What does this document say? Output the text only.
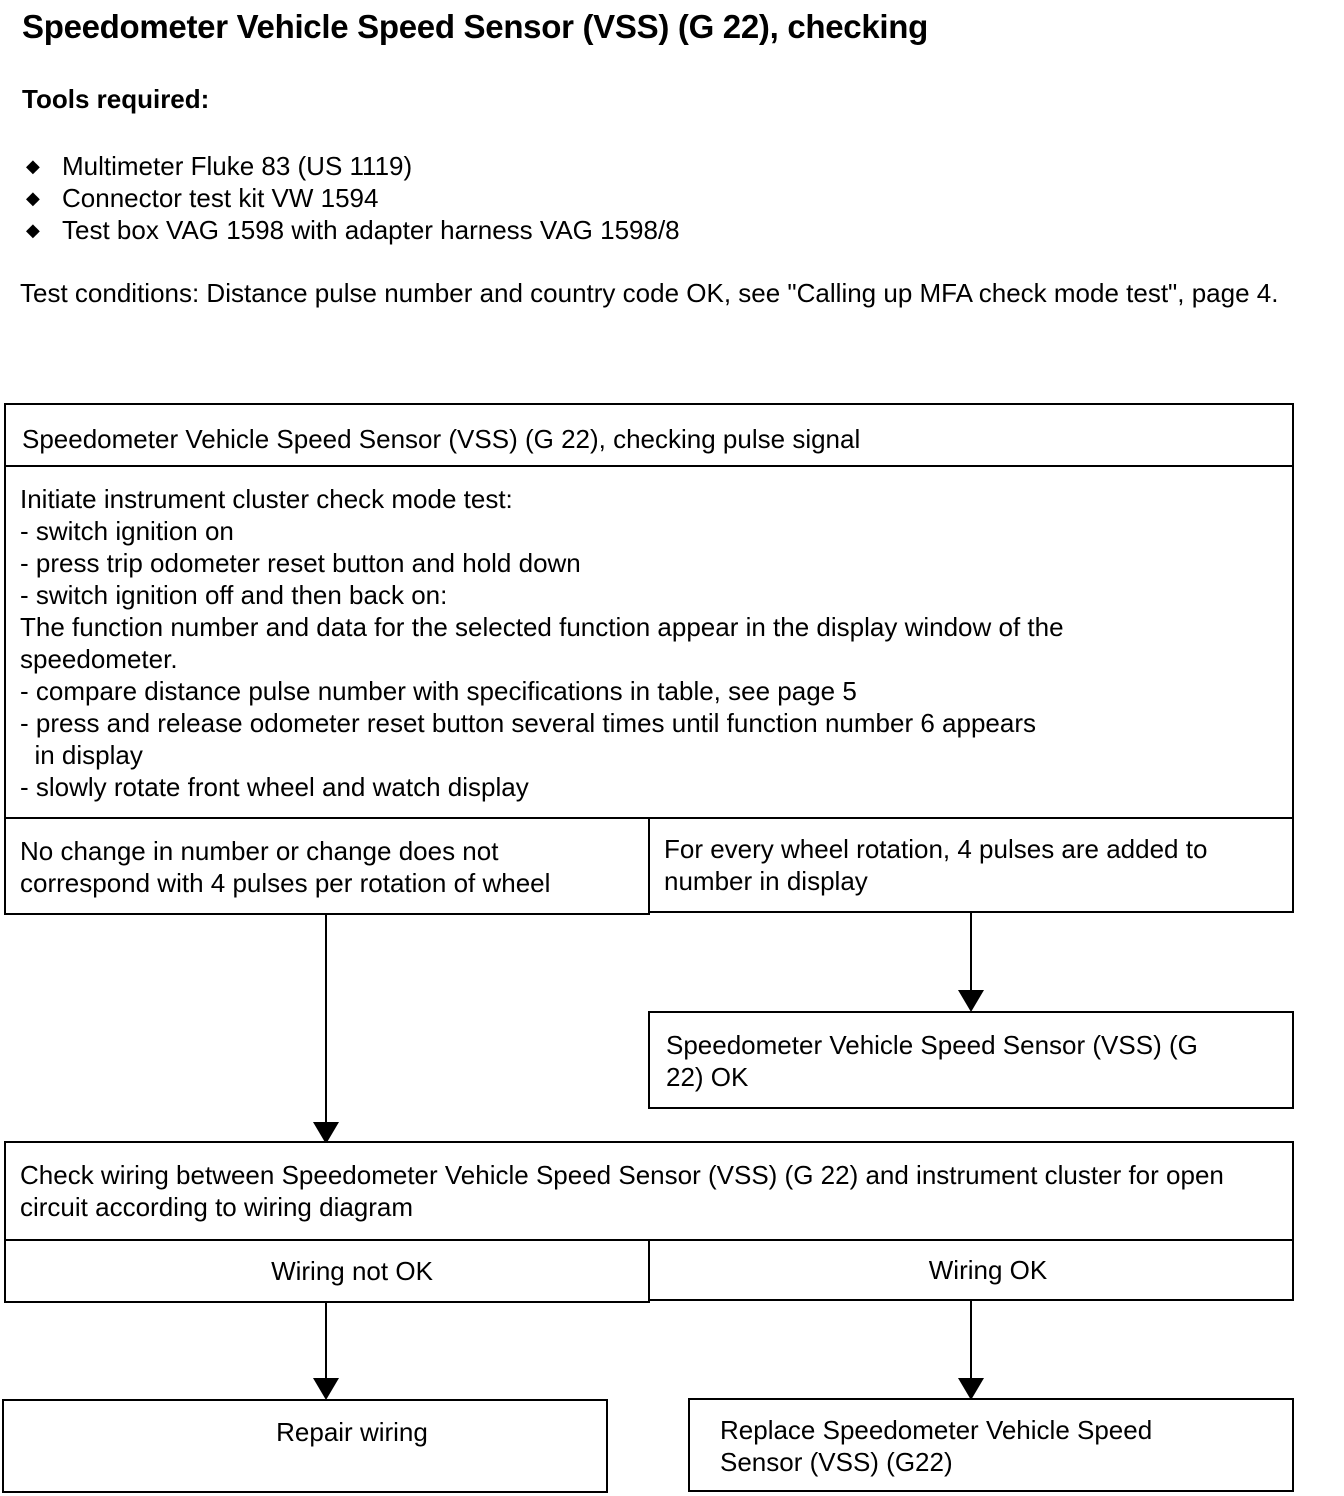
Speedometer Vehicle Speed Sensor (VSS) (G 22), checking
Tools required:
◆ Multimeter Fluke 83 (US 1119)
◆ Connector test kit VW 1594
◆ Test box VAG 1598 with adapter harness VAG 1598/8
Test conditions: Distance pulse number and country code OK, see "Calling up MFA check mode test", page 4.
Speedometer Vehicle Speed Sensor (VSS) (G 22), checking pulse signal
Initiate instrument cluster check mode test:
- switch ignition on
- press trip odometer reset button and hold down
- switch ignition off and then back on:
The function number and data for the selected function appear in the display window of the
speedometer.
- compare distance pulse number with specifications in table, see page 5
- press and release odometer reset button several times until function number 6 appears
in display
- slowly rotate front wheel and watch display
No change in number or change does not correspond with 4 pulses per rotation of wheel
For every wheel rotation, 4 pulses are added to number in display
Speedometer Vehicle Speed Sensor (VSS) (G 22) OK
Check wiring between Speedometer Vehicle Speed Sensor (VSS) (G 22) and instrument cluster for open circuit according to wiring diagram
Wiring not OK	Wiring OK
Repair wiring	Replace Speedometer Vehicle Speed Sensor (VSS) (G22)
